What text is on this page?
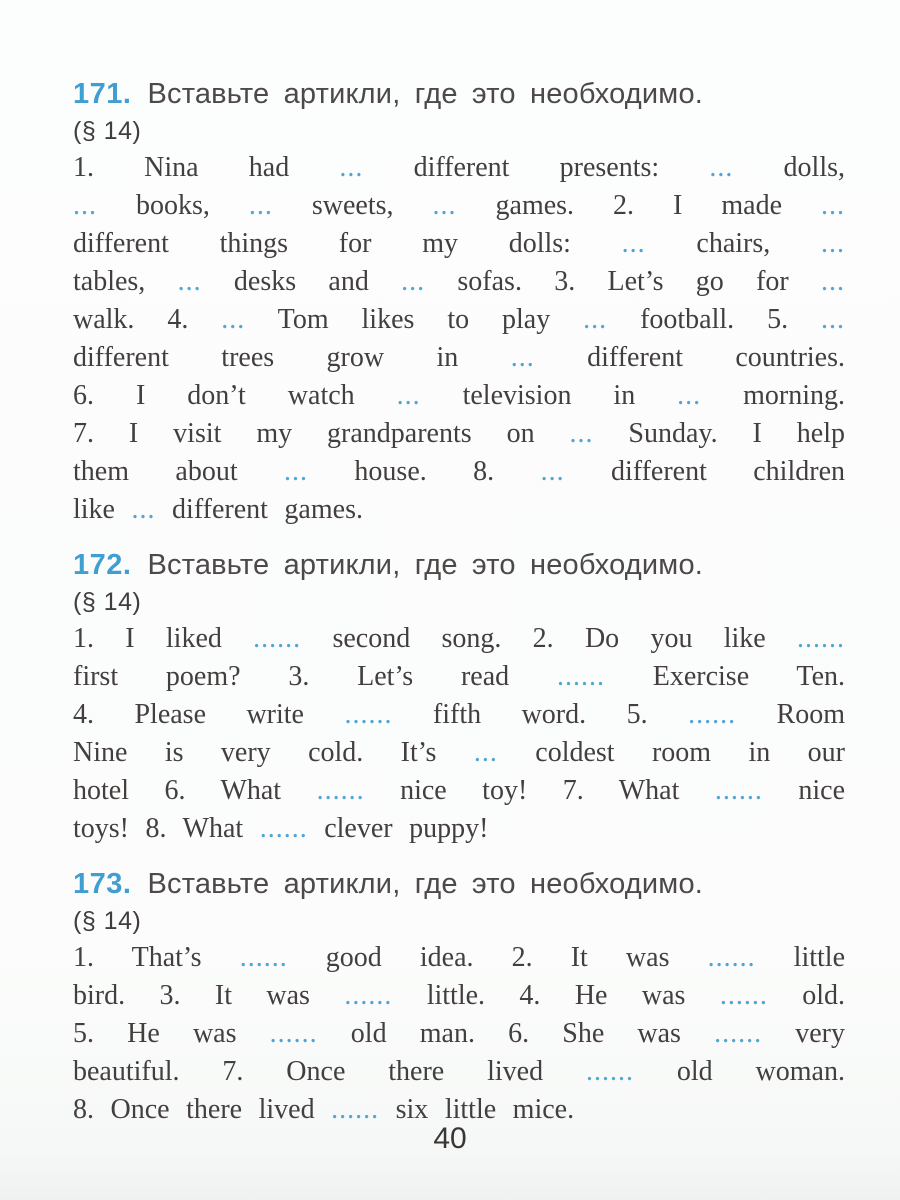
171. Вставьте артикли, где это необходимо.
(§ 14)
1. Nina had ... different presents: ... dolls,
... books, ... sweets, ... games. 2. I made ...
different things for my dolls: ... chairs, ...
tables, ... desks and ... sofas. 3. Let’s go for ...
walk. 4. ... Tom likes to play ... football. 5. ...
different trees grow in ... different countries.
6. I don’t watch ... television in ... morning.
7. I visit my grandparents on ... Sunday. I help
them about ... house. 8. ... different children
like ... different games.
172. Вставьте артикли, где это необходимо.
(§ 14)
1. I liked ...... second song. 2. Do you like ......
first poem? 3. Let’s read ...... Exercise Ten.
4. Please write ...... fifth word. 5. ...... Room
Nine is very cold. It’s ... coldest room in our
hotel 6. What ...... nice toy! 7. What ...... nice
toys! 8. What ...... clever puppy!
173. Вставьте артикли, где это необходимо.
(§ 14)
1. That’s ...... good idea. 2. It was ...... little
bird. 3. It was ...... little. 4. He was ...... old.
5. He was ...... old man. 6. She was ...... very
beautiful. 7. Once there lived ...... old woman.
8. Once there lived ...... six little mice.
40
